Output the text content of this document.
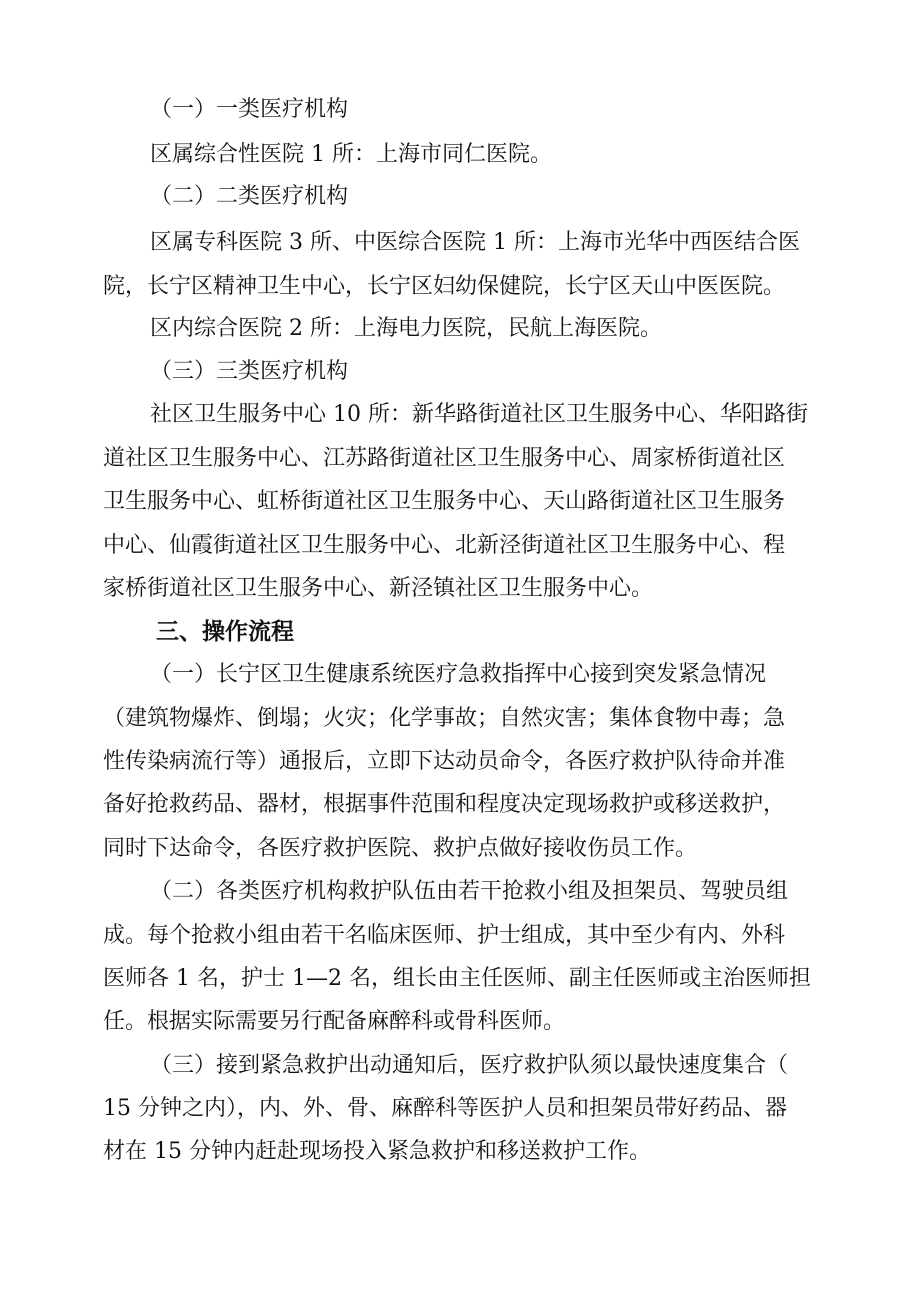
（一）一类医疗机构
区属综合性医院 1 所：上海市同仁医院。
（二）二类医疗机构
区属专科医院 3 所、中医综合医院 1 所：上海市光华中西医结合医
院，长宁区精神卫生中心，长宁区妇幼保健院，长宁区天山中医医院。
区内综合医院 2 所：上海电力医院，民航上海医院。
（三）三类医疗机构
社区卫生服务中心 10 所：新华路街道社区卫生服务中心、华阳路街
道社区卫生服务中心、江苏路街道社区卫生服务中心、周家桥街道社区
卫生服务中心、虹桥街道社区卫生服务中心、天山路街道社区卫生服务
中心、仙霞街道社区卫生服务中心、北新泾街道社区卫生服务中心、程
家桥街道社区卫生服务中心、新泾镇社区卫生服务中心。
三、操作流程
（一）长宁区卫生健康系统医疗急救指挥中心接到突发紧急情况
（建筑物爆炸、倒塌；火灾；化学事故；自然灾害；集体食物中毒；急
性传染病流行等）通报后，立即下达动员命令，各医疗救护队待命并准
备好抢救药品、器材，根据事件范围和程度决定现场救护或移送救护，
同时下达命令，各医疗救护医院、救护点做好接收伤员工作。
（二）各类医疗机构救护队伍由若干抢救小组及担架员、驾驶员组
成。每个抢救小组由若干名临床医师、护士组成，其中至少有内、外科
医师各 1 名，护士 1—2 名，组长由主任医师、副主任医师或主治医师担
任。根据实际需要另行配备麻醉科或骨科医师。
（三）接到紧急救护出动通知后，医疗救护队须以最快速度集合（
15 分钟之内），内、外、骨、麻醉科等医护人员和担架员带好药品、器
材在 15 分钟内赶赴现场投入紧急救护和移送救护工作。
